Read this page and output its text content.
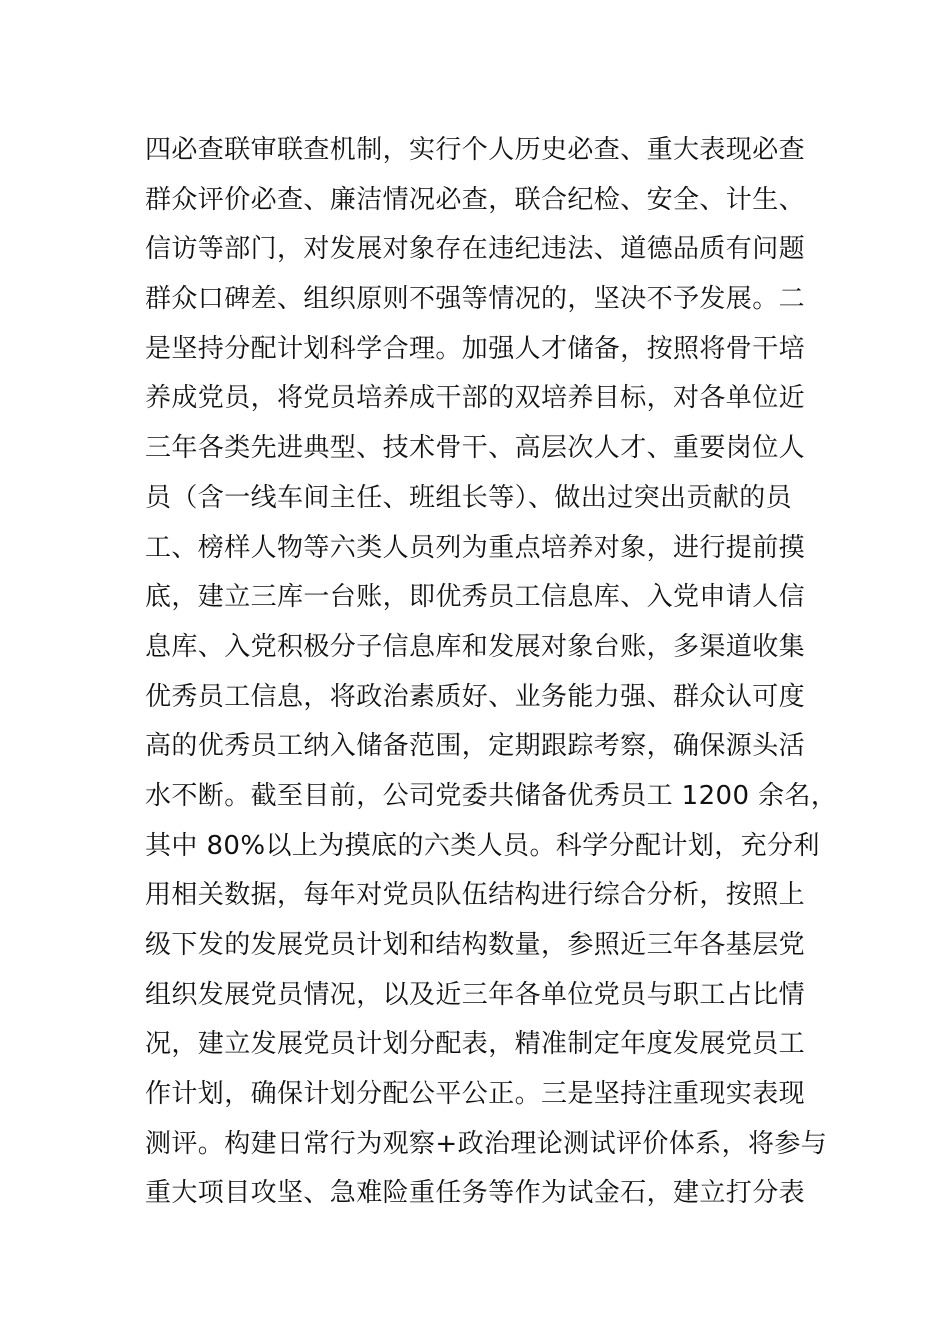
四必查联审联查机制，实行个人历史必查、重大表现必查
群众评价必查、廉洁情况必查，联合纪检、安全、计生、
信访等部门，对发展对象存在违纪违法、道德品质有问题
群众口碑差、组织原则不强等情况的，坚决不予发展。二
是坚持分配计划科学合理。加强人才储备，按照将骨干培
养成党员，将党员培养成干部的双培养目标，对各单位近
三年各类先进典型、技术骨干、高层次人才、重要岗位人
员（含一线车间主任、班组长等）、做出过突出贡献的员
工、榜样人物等六类人员列为重点培养对象，进行提前摸
底，建立三库一台账，即优秀员工信息库、入党申请人信
息库、入党积极分子信息库和发展对象台账，多渠道收集
优秀员工信息，将政治素质好、业务能力强、群众认可度
高的优秀员工纳入储备范围，定期跟踪考察，确保源头活
水不断。截至目前，公司党委共储备优秀员工 1200 余名，
其中 80%以上为摸底的六类人员。科学分配计划，充分利
用相关数据，每年对党员队伍结构进行综合分析，按照上
级下发的发展党员计划和结构数量，参照近三年各基层党
组织发展党员情况，以及近三年各单位党员与职工占比情
况，建立发展党员计划分配表，精准制定年度发展党员工
作计划，确保计划分配公平公正。三是坚持注重现实表现
测评。构建日常行为观察+政治理论测试评价体系，将参与
重大项目攻坚、急难险重任务等作为试金石，建立打分表
